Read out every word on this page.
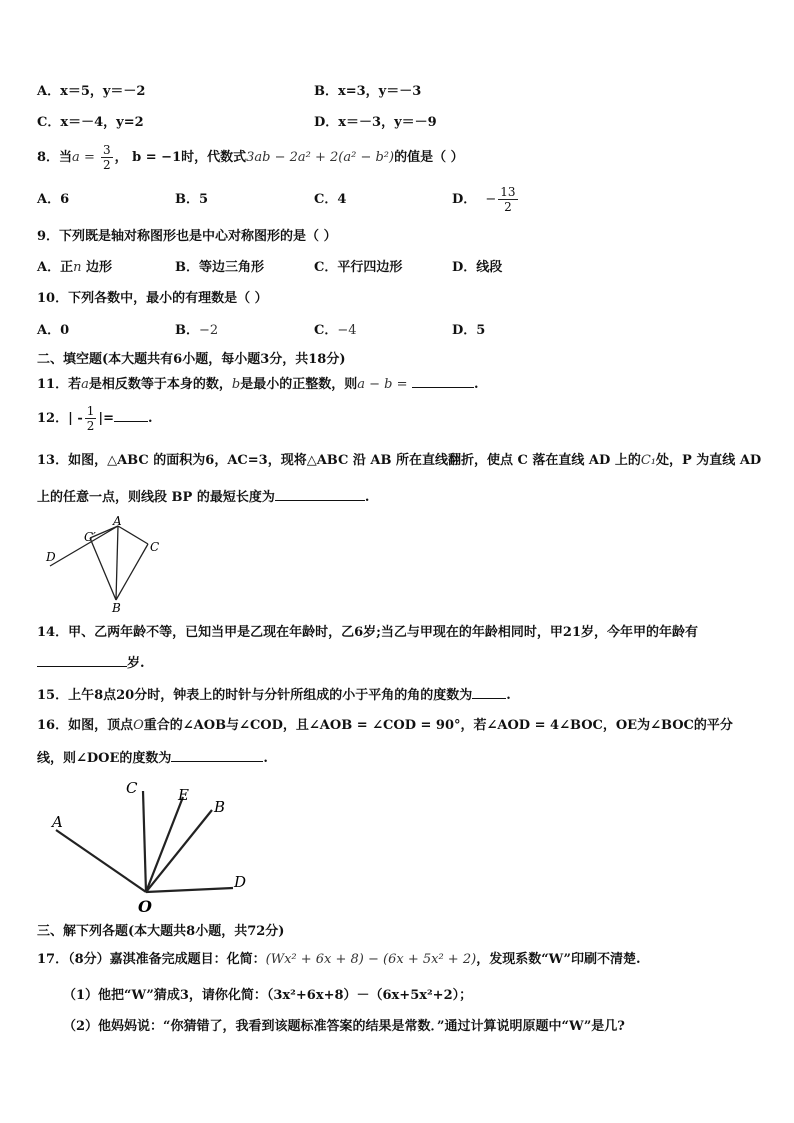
A．x＝5，y＝－2	B．x=3，y＝－3
C．x＝－4，y=2	D．x＝－3，y＝－9
8．当$a = \frac{3}{2}$ ， b = −1时，代数式3ab − 2a² + 2(a² − b²)的值是（ ）
A．6	B．5	C．4	D． − $\frac{13}{2}$
9．下列既是轴对称图形也是中心对称图形的是（ ）
A．正n 边形	B．等边三角形	C．平行四边形	D．线段
10．下列各数中，最小的有理数是（ ）
A．0	B．−2	C．−4	D．5
二、填空题(本大题共有6小题，每小题3分，共18分)
11．若a是相反数等于本身的数，b是最小的正整数，则a − b =	.
12．| - $\frac{1}{2}$ |=	.
13．如图，△ABC 的面积为6，AC=3，现将△ABC 沿 AB 所在直线翻折，使点 C 落在直线 AD 上的C₁处，P 为直线 AD
上的任意一点，则线段 BP 的最短长度为	.
A
B
C
C′
D
14．甲、乙两年龄不等，已知当甲是乙现在年龄时，乙6岁;当乙与甲现在的年龄相同时，甲21岁，今年甲的年龄有
岁.
15．上午8点20分时，钟表上的时针与分针所组成的小于平角的角的度数为	.
16．如图，顶点O重合的∠AOB与∠COD，且∠AOB = ∠COD = 90°，若∠AOD = 4∠BOC，OE为∠BOC的平分
线，则∠DOE的度数为	.
A
C	E
B
D
O
三、解下列各题(本大题共8小题，共72分)
17．（8分）嘉淇准备完成题目：化简：(Wx² + 6x + 8) − (6x + 5x² + 2)，发现系数“W”印刷不清楚.
（1）他把“W”猜成3，请你化简：（3x²+6x+8）－（6x+5x²+2）；
（2）他妈妈说：“你猜错了，我看到该题标准答案的结果是常数．”通过计算说明原题中“W”是几?
